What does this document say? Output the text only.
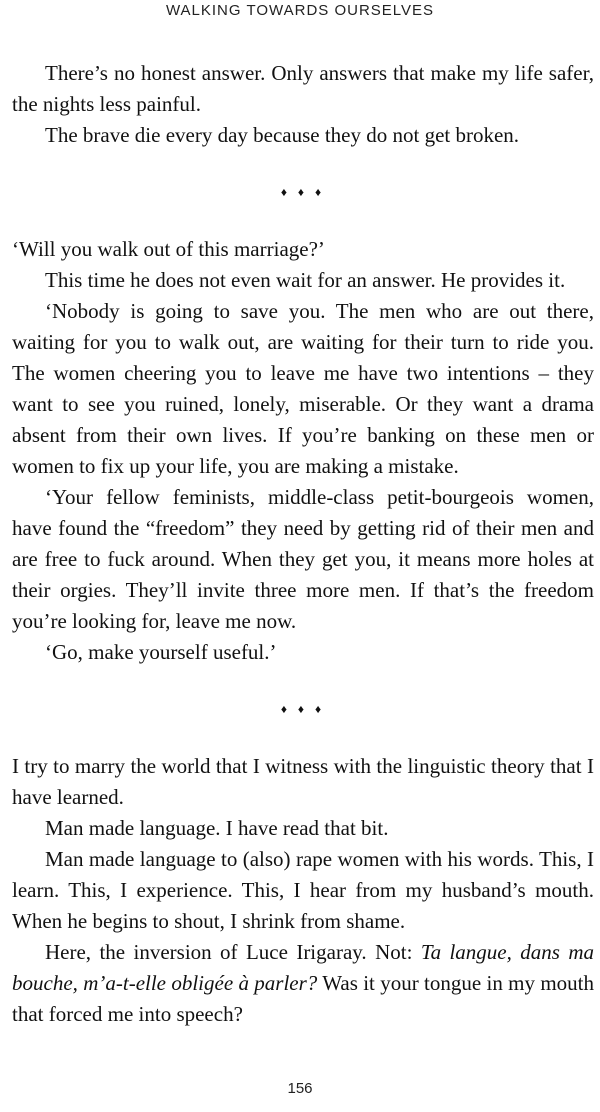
WALKING TOWARDS OURSELVES

There’s no honest answer. Only answers that make my life safer, the nights less painful.

The brave die every day because they do not get broken.

♦ ♦ ♦

‘Will you walk out of this marriage?’

This time he does not even wait for an answer. He provides it.

‘Nobody is going to save you. The men who are out there, waiting for you to walk out, are waiting for their turn to ride you. The women cheering you to leave me have two intentions – they want to see you ruined, lonely, miserable. Or they want a drama absent from their own lives. If you’re banking on these men or women to fix up your life, you are making a mistake.

‘Your fellow feminists, middle-class petit-bourgeois women, have found the “freedom” they need by getting rid of their men and are free to fuck around. When they get you, it means more holes at their orgies. They’ll invite three more men. If that’s the freedom you’re looking for, leave me now.

‘Go, make yourself useful.’

♦ ♦ ♦

I try to marry the world that I witness with the linguistic theory that I have learned.

Man made language. I have read that bit.

Man made language to (also) rape women with his words. This, I learn. This, I experience. This, I hear from my husband’s mouth. When he begins to shout, I shrink from shame.

Here, the inversion of Luce Irigaray. Not: Ta langue, dans ma bouche, m’a-t-elle obligée à parler? Was it your tongue in my mouth that forced me into speech?

156
